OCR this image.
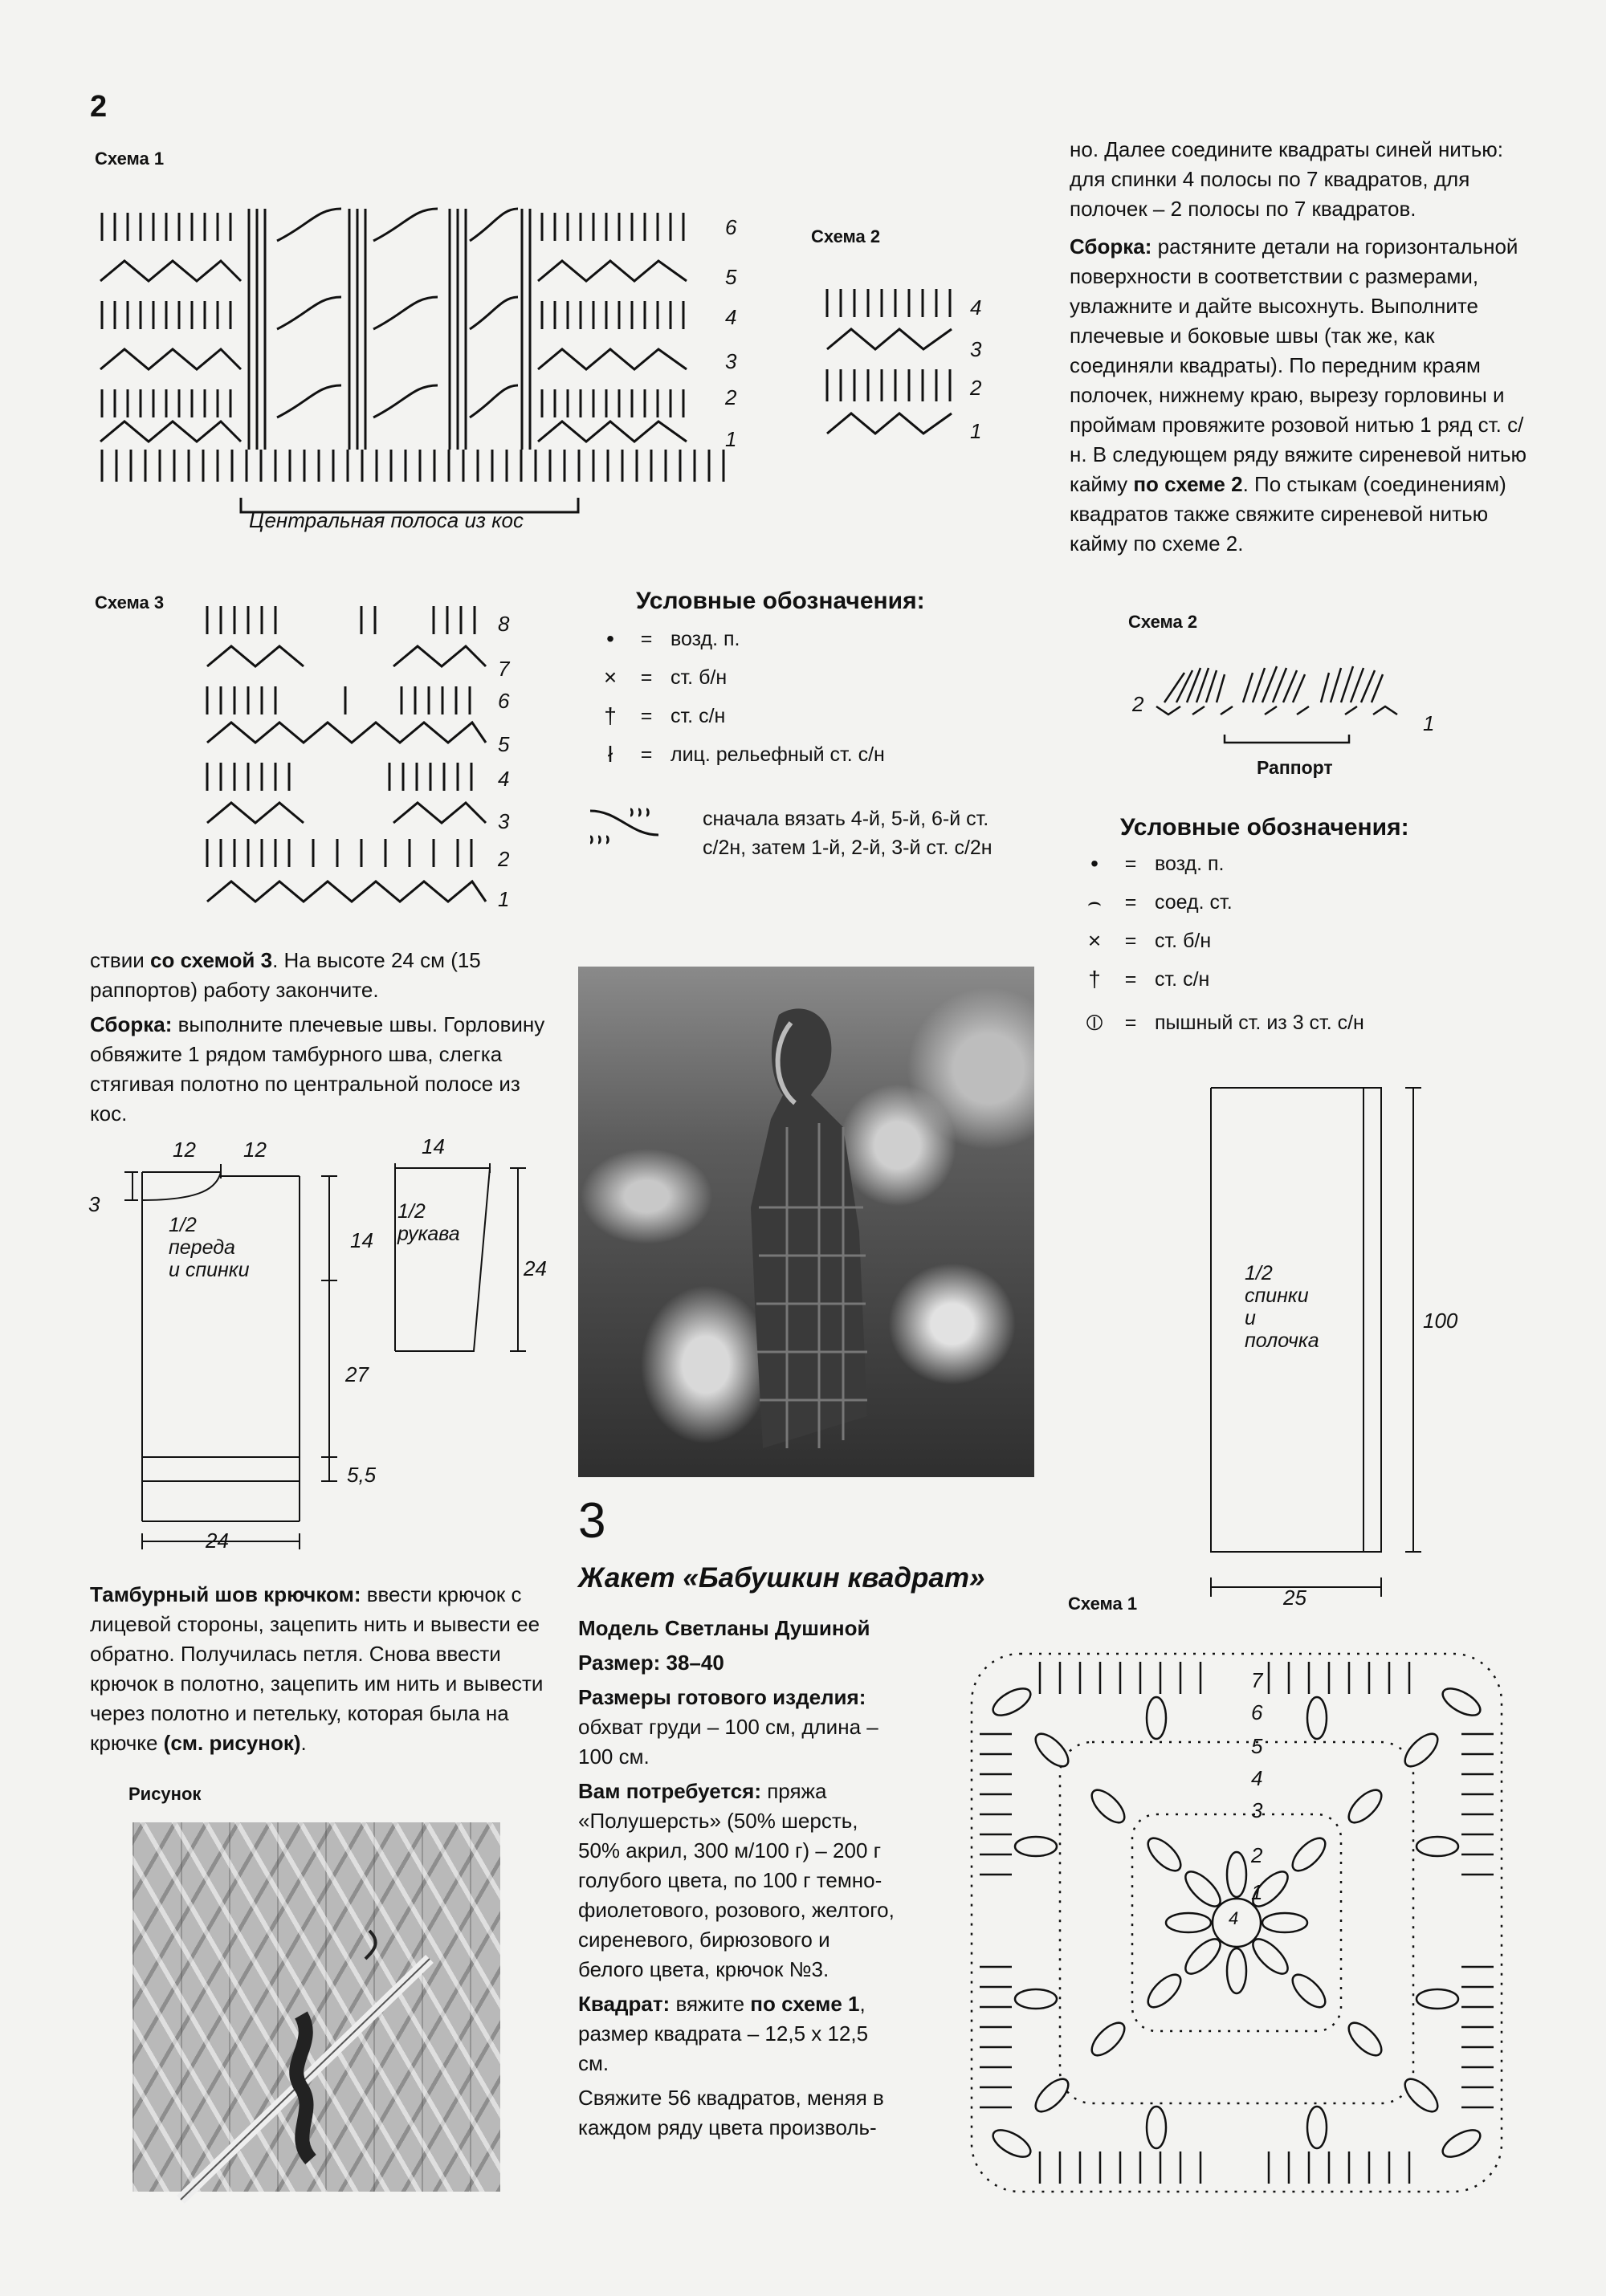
2
Схема 1
6
5
4
3
2
1
Центральная полоса из кос
Схема 2
4
3
2
1
Схема 3
8
7
6
5
4
3
2
1
Условные обозначения:
•	= возд. п.
× = ст. б/н
† = ст. с/н
ł	= лиц. рельефный ст. с/н
сначала вязать 4-й, 5-й, 6-й ст. с/2н, затем 1-й, 2-й, 3-й ст. с/2н
ствии со схемой 3. На высоте 24 см (15 раппортов) работу закончите.
Сборка: выполните плечевые швы. Горловину обвяжите 1 рядом тамбурного шва, слегка стягивая полотно по центральной полосе из кос.
12 12
3
14
27
5,5
24
1/2
переда
и спинки
14
24
1/2
рукава
Тамбурный шов крючком: ввести крючок с лицевой стороны, зацепить нить и вывести ее обратно. Получилась петля. Снова ввести крючок в полотно, зацепить им нить и вывести через полотно и петельку, которая была на крючке (см. рисунок).
Рисунок
3
Жакет «Бабушкин квадрат»
Модель Светланы Душиной
Размер: 38–40
Размеры готового изделия: обхват груди – 100 см, длина – 100 см.
Вам потребуется: пряжа «Полушерсть» (50% шерсть, 50% акрил, 300 м/100 г) – 200 г голубого цвета, по 100 г темно-фиолетового, розового, желтого, сиреневого, бирюзового и белого цвета, крючок №3.
Квадрат: вяжите по схеме 1, размер квадрата – 12,5 х 12,5 см.
Свяжите 56 квадратов, меняя в каждом ряду цвета произволь-
но. Далее соедините квадраты синей нитью: для спинки 4 полосы по 7 квадратов, для полочек – 2 полосы по 7 квадратов.
Сборка: растяните детали на горизонтальной поверхности в соответствии с размерами, увлажните и дайте высохнуть. Выполните плечевые и боковые швы (так же, как соединяли квадраты). По передним краям полочек, нижнему краю, вырезу горловины и проймам провяжите розовой нитью 1 ряд ст. с/н. В следующем ряду вяжите сиреневой нитью кайму по схеме 2. По стыкам (соединениям) квадратов также свяжите сиреневой нитью кайму по схеме 2.
Схема 2
2
1
Раппорт
Условные обозначения:
•	= возд. п.
⌢ = соед. ст.
× = ст. б/н
† = ст. с/н
⦶ = пышный ст. из 3 ст. с/н
1/2
спинки
и
полочка
100
25
Схема 1
7
6
5
4
3
2
1
4
